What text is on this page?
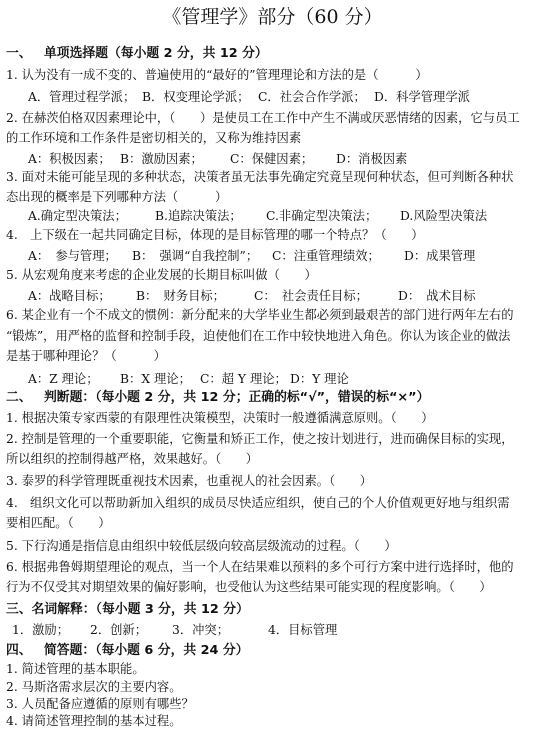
《管理学》部分（60 分）
一、 单项选择题（每小题 2 分，共 12 分）
1. 认为没有一成不变的、普遍使用的“最好的”管理理论和方法的是（　　　）
A．管理过程学派； B．权变理论学派； C．社会合作学派； D．科学管理学派
2. 在赫茨伯格双因素理论中，（　　）是使员工在工作中产生不满或厌恶情绪的因素，它与员工
的工作环境和工作条件是密切相关的，又称为维持因素
A：积极因素； B：激励因素； C：保健因素； D：消极因素
3. 面对未能可能呈现的多种状态，决策者虽无法事先确定究竟呈现何种状态，但可判断各种状
态出现的概率是下列哪种方法（　　　）
A.确定型决策法； B.追踪决策法； C.非确定型决策法； D.风险型决策法
4.　上下级在一起共同确定目标，体现的是目标管理的哪一个特点？（　　）
A：　参与管理； B：　强调“自我控制”； C：注重管理绩效； D：成果管理
5. 从宏观角度来考虑的企业发展的长期目标叫做（　　）
A：战略目标； B：　财务目标； C：　社会责任目标； D：　战术目标
6. 某企业有一个不成文的惯例：新分配来的大学毕业生都必须到最艰苦的部门进行两年左右的
“锻炼”，用严格的监督和控制手段，迫使他们在工作中较快地进入角色。你认为该企业的做法
是基于哪种理论？（　　　）
A：Z 理论； B：X 理论； C：超 Y 理论； D：Y 理论
二、 判断题：（每小题 2 分，共 12 分；正确的标“√”，错误的标“×”）
1. 根据决策专家西蒙的有限理性决策模型，决策时一般遵循满意原则。（　　）
2. 控制是管理的一个重要职能，它衡量和矫正工作，使之按计划进行，进而确保目标的实现，
所以组织的控制得越严格，效果越好。（　　）
3. 泰罗的科学管理既重视技术因素，也重视人的社会因素。（　　）
4.　组织文化可以帮助新加入组织的成员尽快适应组织，使自己的个人价值观更好地与组织需
要相匹配。（　　）
5. 下行沟通是指信息由组织中较低层级向较高层级流动的过程。（　　）
6. 根据弗鲁姆期望理论的观点，当一个人在结果难以预料的多个可行方案中进行选择时，他的
行为不仅受其对期望效果的偏好影响，也受他认为这些结果可能实现的程度影响。（　　）
三、名词解释：（每小题 3 分，共 12 分）
1．激励； 2．创新； 3．冲突；	4．目标管理
四、 简答题：（每小题 6 分，共 24 分）
1. 简述管理的基本职能。
2. 马斯洛需求层次的主要内容。
3. 人员配备应遵循的原则有哪些？
4. 请简述管理控制的基本过程。
